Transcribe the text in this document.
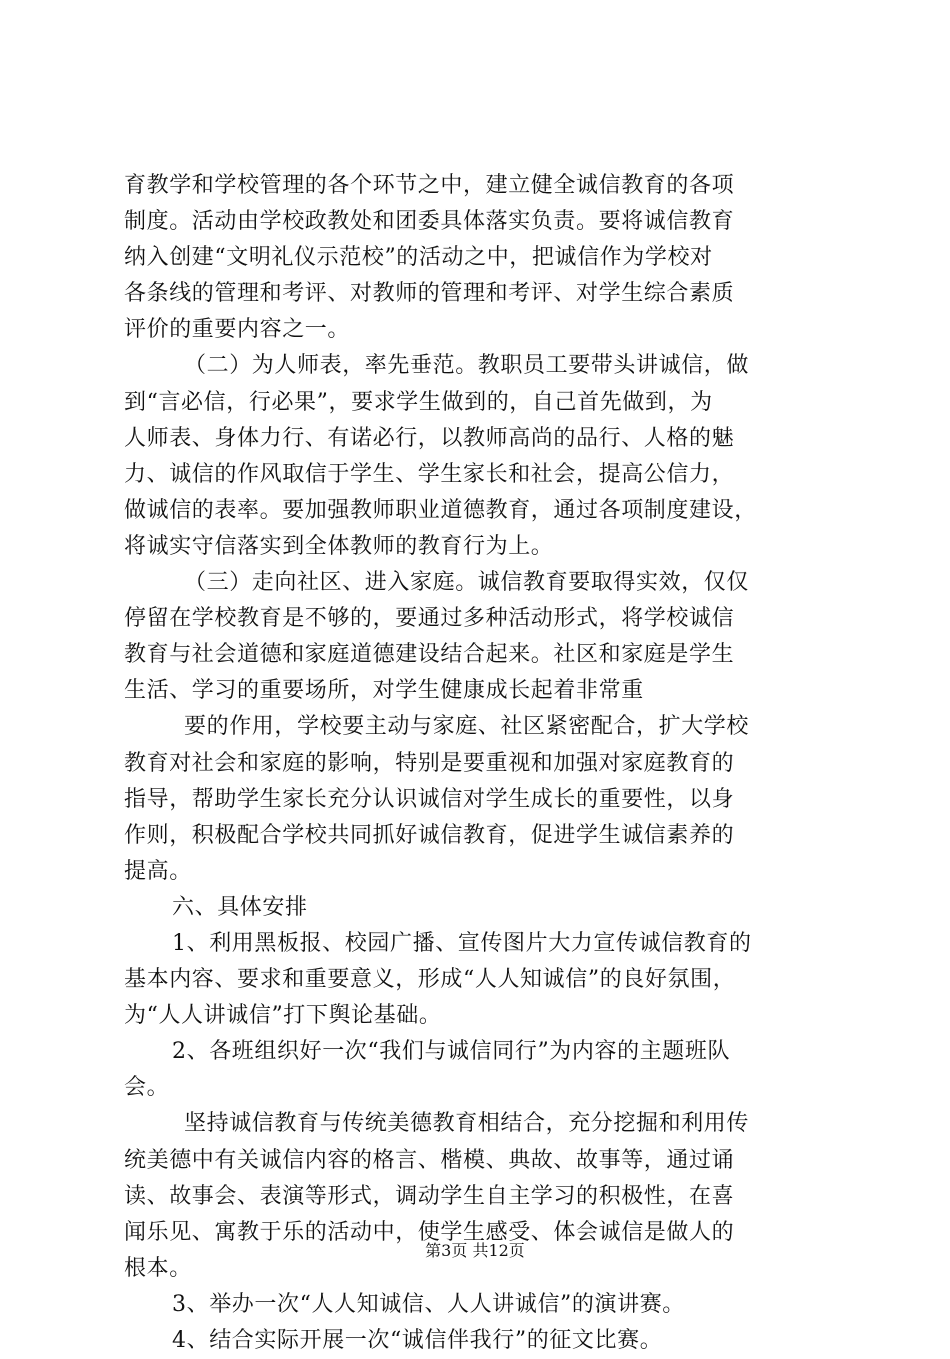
育教学和学校管理的各个环节之中，建立健全诚信教育的各项
制度。活动由学校政教处和团委具体落实负责。要将诚信教育
纳入创建“文明礼仪示范校”的活动之中，把诚信作为学校对
各条线的管理和考评、对教师的管理和考评、对学生综合素质
评价的重要内容之一。
（二）为人师表，率先垂范。教职员工要带头讲诚信，做
到“言必信，行必果”，要求学生做到的，自己首先做到，为
人师表、身体力行、有诺必行，以教师高尚的品行、人格的魅
力、诚信的作风取信于学生、学生家长和社会，提高公信力，
做诚信的表率。要加强教师职业道德教育，通过各项制度建设，
将诚实守信落实到全体教师的教育行为上。
（三）走向社区、进入家庭。诚信教育要取得实效，仅仅
停留在学校教育是不够的，要通过多种活动形式，将学校诚信
教育与社会道德和家庭道德建设结合起来。社区和家庭是学生
生活、学习的重要场所，对学生健康成长起着非常重
要的作用，学校要主动与家庭、社区紧密配合，扩大学校
教育对社会和家庭的影响，特别是要重视和加强对家庭教育的
指导，帮助学生家长充分认识诚信对学生成长的重要性，以身
作则，积极配合学校共同抓好诚信教育，促进学生诚信素养的
提高。
六、具体安排
1、利用黑板报、校园广播、宣传图片大力宣传诚信教育的
基本内容、要求和重要意义，形成“人人知诚信”的良好氛围，
为“人人讲诚信”打下舆论基础。
2、各班组织好一次“我们与诚信同行”为内容的主题班队
会。
坚持诚信教育与传统美德教育相结合，充分挖掘和利用传
统美德中有关诚信内容的格言、楷模、典故、故事等，通过诵
读、故事会、表演等形式，调动学生自主学习的积极性，在喜
闻乐见、寓教于乐的活动中，使学生感受、体会诚信是做人的
根本。
3、举办一次“人人知诚信、人人讲诚信”的演讲赛。
4、结合实际开展一次“诚信伴我行”的征文比赛。
第3页 共12页
